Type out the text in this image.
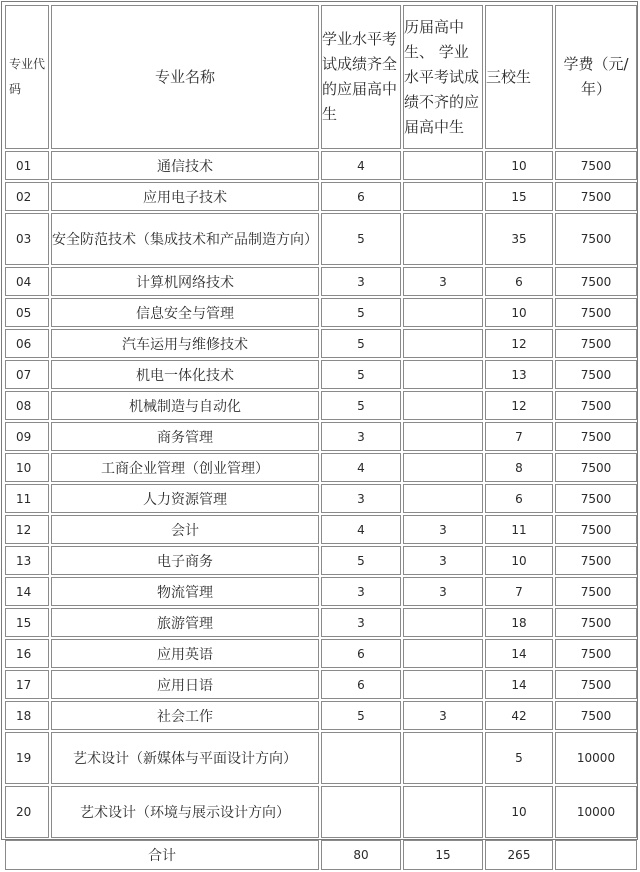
专业代码	专业名称	学业水平考试成绩齐全的应届高中生	历届高中生、 学业水平考试成绩不齐的应届高中生	三校生	学费（元/年）
01	通信技术	4		10	7500
02	应用电子技术	6		15	7500
03	安全防范技术（集成技术和产品制造方向）	5		35	7500
04	计算机网络技术	3	3	6	7500
05	信息安全与管理	5		10	7500
06	汽车运用与维修技术	5		12	7500
07	机电一体化技术	5		13	7500
08	机械制造与自动化	5		12	7500
09	商务管理	3		7	7500
10	工商企业管理（创业管理）	4		8	7500
11	人力资源管理	3		6	7500
12	会计	4	3	11	7500
13	电子商务	5	3	10	7500
14	物流管理	3	3	7	7500
15	旅游管理	3		18	7500
16	应用英语	6		14	7500
17	应用日语	6		14	7500
18	社会工作	5	3	42	7500
19	艺术设计（新媒体与平面设计方向）			5	10000
20	艺术设计（环境与展示设计方向）			10	10000
合计		80	15	265	
